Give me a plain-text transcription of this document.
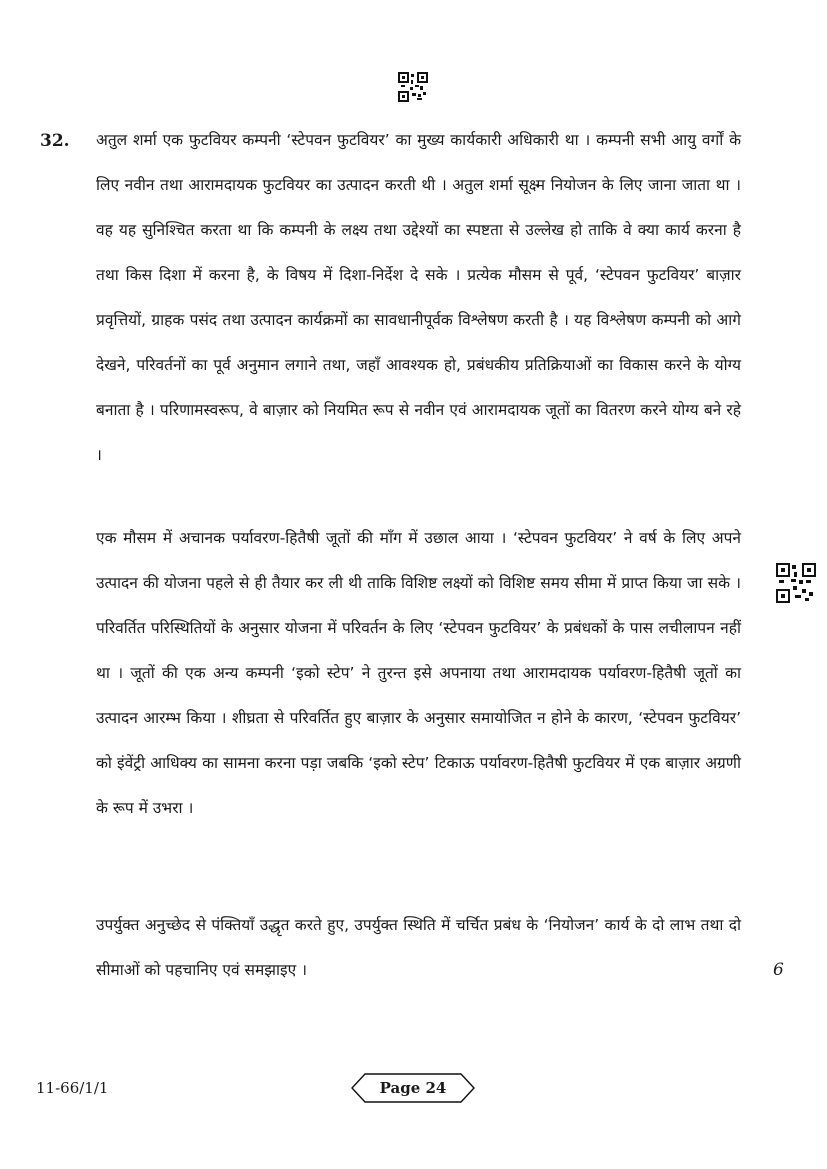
32. अतुल शर्मा एक फुटवियर कम्पनी ‘स्टेपवन फुटवियर’ का मुख्य कार्यकारी अधिकारी था । कम्पनी सभी आयु वर्गों के लिए नवीन तथा आरामदायक फुटवियर का उत्पादन करती थी । अतुल शर्मा सूक्ष्म नियोजन के लिए जाना जाता था । वह यह सुनिश्चित करता था कि कम्पनी के लक्ष्य तथा उद्देश्यों का स्पष्टता से उल्लेख हो ताकि वे क्या कार्य करना है तथा किस दिशा में करना है, के विषय में दिशा-निर्देश दे सके । प्रत्येक मौसम से पूर्व, ‘स्टेपवन फुटवियर’ बाज़ार प्रवृत्तियों, ग्राहक पसंद तथा उत्पादन कार्यक्रमों का सावधानीपूर्वक विश्लेषण करती है । यह विश्लेषण कम्पनी को आगे देखने, परिवर्तनों का पूर्व अनुमान लगाने तथा, जहाँ आवश्यक हो, प्रबंधकीय प्रतिक्रियाओं का विकास करने के योग्य बनाता है । परिणामस्वरूप, वे बाज़ार को नियमित रूप से नवीन एवं आरामदायक जूतों का वितरण करने योग्य बने रहे ।

एक मौसम में अचानक पर्यावरण-हितैषी जूतों की माँग में उछाल आया । ‘स्टेपवन फुटवियर’ ने वर्ष के लिए अपने उत्पादन की योजना पहले से ही तैयार कर ली थी ताकि विशिष्ट लक्ष्यों को विशिष्ट समय सीमा में प्राप्त किया जा सके । परिवर्तित परिस्थितियों के अनुसार योजना में परिवर्तन के लिए ‘स्टेपवन फुटवियर’ के प्रबंधकों के पास लचीलापन नहीं था । जूतों की एक अन्य कम्पनी ‘इको स्टेप’ ने तुरन्त इसे अपनाया तथा आरामदायक पर्यावरण-हितैषी जूतों का उत्पादन आरम्भ किया । शीघ्रता से परिवर्तित हुए बाज़ार के अनुसार समायोजित न होने के कारण, ‘स्टेपवन फुटवियर’ को इंवेंट्री आधिक्य का सामना करना पड़ा जबकि ‘इको स्टेप’ टिकाऊ पर्यावरण-हितैषी फुटवियर में एक बाज़ार अग्रणी के रूप में उभरा ।

उपर्युक्त अनुच्छेद से पंक्तियाँ उद्धृत करते हुए, उपर्युक्त स्थिति में चर्चित प्रबंध के ‘नियोजन’ कार्य के दो लाभ तथा दो सीमाओं को पहचानिए एवं समझाइए ।	6
11-66/1/1	Page 24
